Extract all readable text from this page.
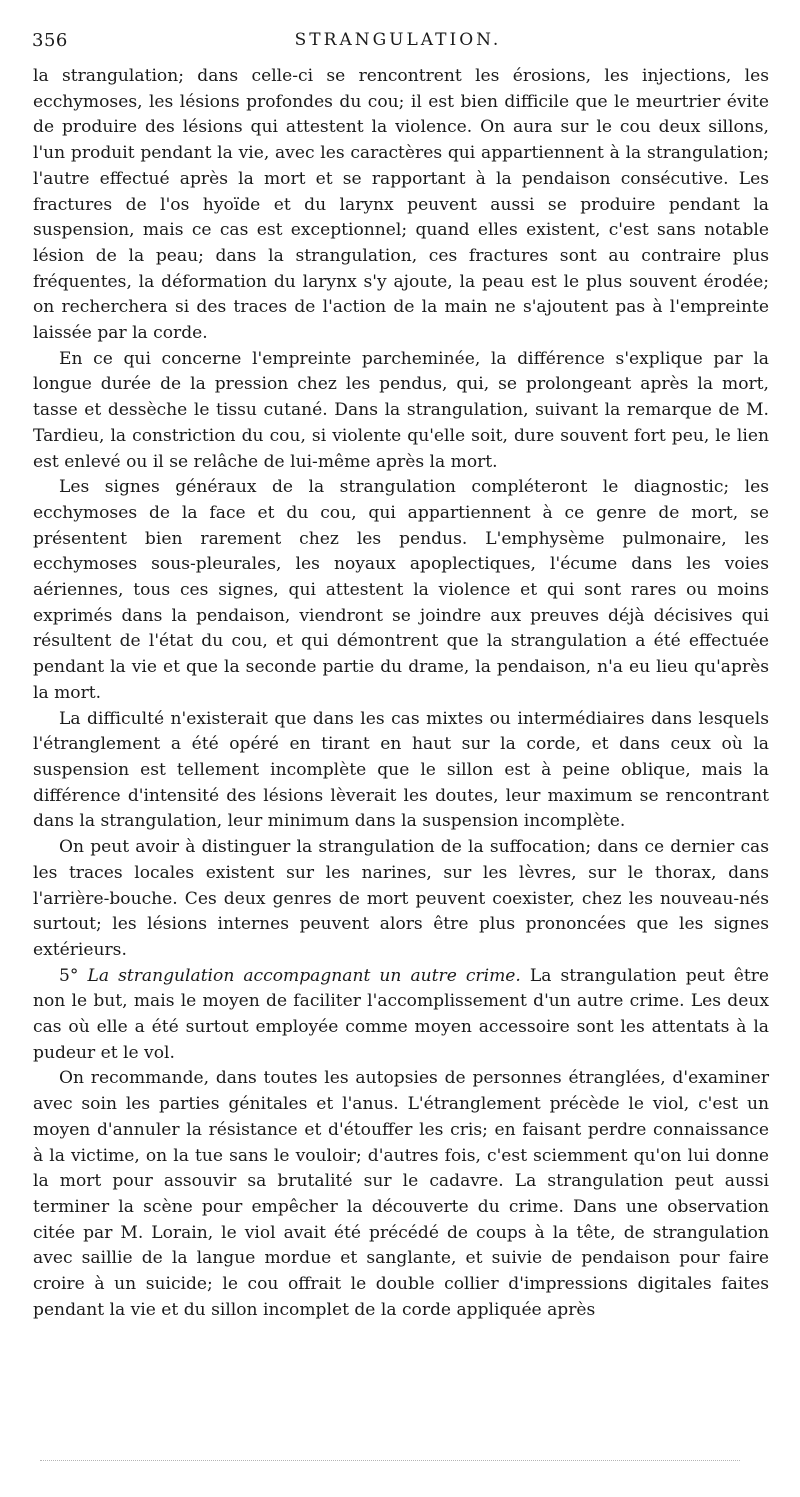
356	STRANGULATION.

la strangulation; dans celle-ci se rencontrent les érosions, les injections, les ecchymoses, les lésions profondes du cou; il est bien difficile que le meurtrier évite de produire des lésions qui attestent la violence. On aura sur le cou deux sillons, l'un produit pendant la vie, avec les caractères qui appartiennent à la strangulation; l'autre effectué après la mort et se rapportant à la pendaison consécutive. Les fractures de l'os hyoïde et du larynx peuvent aussi se produire pendant la suspension, mais ce cas est exceptionnel; quand elles existent, c'est sans notable lésion de la peau; dans la strangulation, ces fractures sont au contraire plus fréquentes, la déformation du larynx s'y ajoute, la peau est le plus souvent érodée; on recherchera si des traces de l'action de la main ne s'ajoutent pas à l'empreinte laissée par la corde.

En ce qui concerne l'empreinte parcheminée, la différence s'explique par la longue durée de la pression chez les pendus, qui, se prolongeant après la mort, tasse et dessèche le tissu cutané. Dans la strangulation, suivant la remarque de M. Tardieu, la constriction du cou, si violente qu'elle soit, dure souvent fort peu, le lien est enlevé ou il se relâche de lui-même après la mort.

Les signes généraux de la strangulation compléteront le diagnostic; les ecchymoses de la face et du cou, qui appartiennent à ce genre de mort, se présentent bien rarement chez les pendus. L'emphysème pulmonaire, les ecchymoses sous-pleurales, les noyaux apoplectiques, l'écume dans les voies aériennes, tous ces signes, qui attestent la violence et qui sont rares ou moins exprimés dans la pendaison, viendront se joindre aux preuves déjà décisives qui résultent de l'état du cou, et qui démontrent que la strangulation a été effectuée pendant la vie et que la seconde partie du drame, la pendaison, n'a eu lieu qu'après la mort.

La difficulté n'existerait que dans les cas mixtes ou intermédiaires dans lesquels l'étranglement a été opéré en tirant en haut sur la corde, et dans ceux où la suspension est tellement incomplète que le sillon est à peine oblique, mais la différence d'intensité des lésions lèverait les doutes, leur maximum se rencontrant dans la strangulation, leur minimum dans la suspension incomplète.

On peut avoir à distinguer la strangulation de la suffocation; dans ce dernier cas les traces locales existent sur les narines, sur les lèvres, sur le thorax, dans l'arrière-bouche. Ces deux genres de mort peuvent coexister, chez les nouveau-nés surtout; les lésions internes peuvent alors être plus prononcées que les signes extérieurs.

5° La strangulation accompagnant un autre crime. La strangulation peut être non le but, mais le moyen de faciliter l'accomplissement d'un autre crime. Les deux cas où elle a été surtout employée comme moyen accessoire sont les attentats à la pudeur et le vol.

On recommande, dans toutes les autopsies de personnes étranglées, d'examiner avec soin les parties génitales et l'anus. L'étranglement précède le viol, c'est un moyen d'annuler la résistance et d'étouffer les cris; en faisant perdre connaissance à la victime, on la tue sans le vouloir; d'autres fois, c'est sciemment qu'on lui donne la mort pour assouvir sa brutalité sur le cadavre. La strangulation peut aussi terminer la scène pour empêcher la découverte du crime. Dans une observation citée par M. Lorain, le viol avait été précédé de coups à la tête, de strangulation avec saillie de la langue mordue et sanglante, et suivie de pendaison pour faire croire à un suicide; le cou offrait le double collier d'impressions digitales faites pendant la vie et du sillon incomplet de la corde appliquée après
